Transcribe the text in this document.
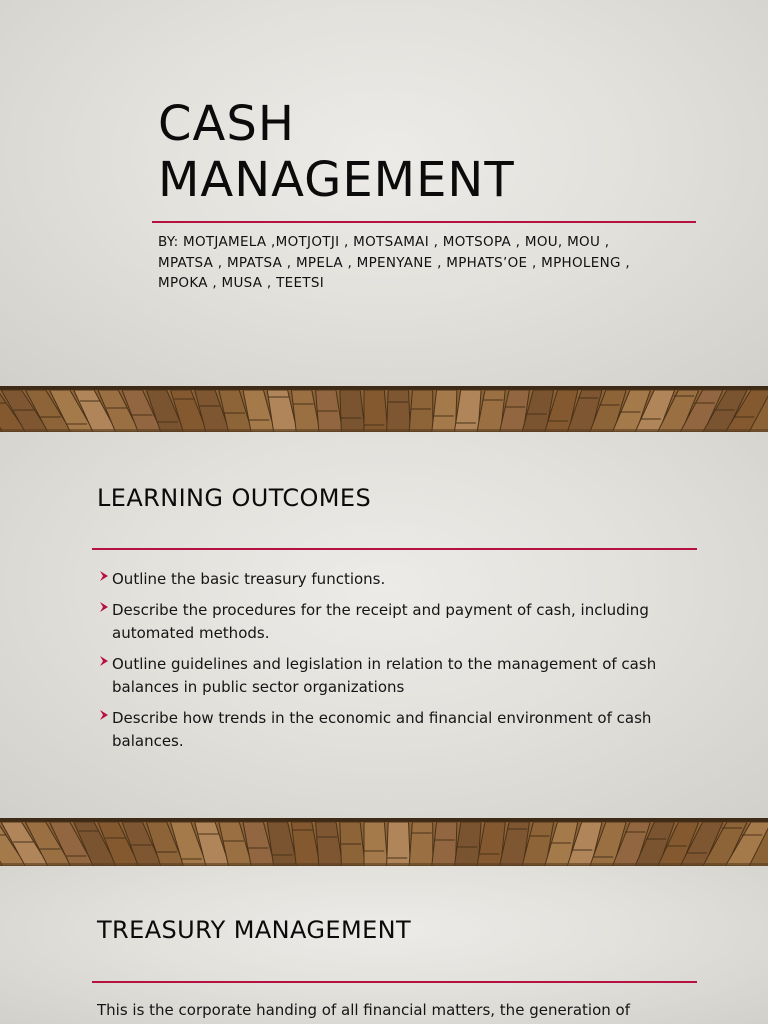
CASH
MANAGEMENT
BY: MOTJAMELA ,MOTJOTJI , MOTSAMAI , MOTSOPA , MOU, MOU ,
MPATSA , MPATSA , MPELA , MPENYANE , MPHATS’OE , MPHOLENG ,
MPOKA , MUSA , TEETSI
LEARNING OUTCOMES
Outline the basic treasury functions.
Describe the procedures for the receipt and payment of cash, including automated methods.
Outline guidelines and legislation in relation to the management of cash balances in public sector organizations
Describe how trends in the economic and financial environment of cash balances.
TREASURY MANAGEMENT

This is the corporate handing of all financial matters, the generation of
